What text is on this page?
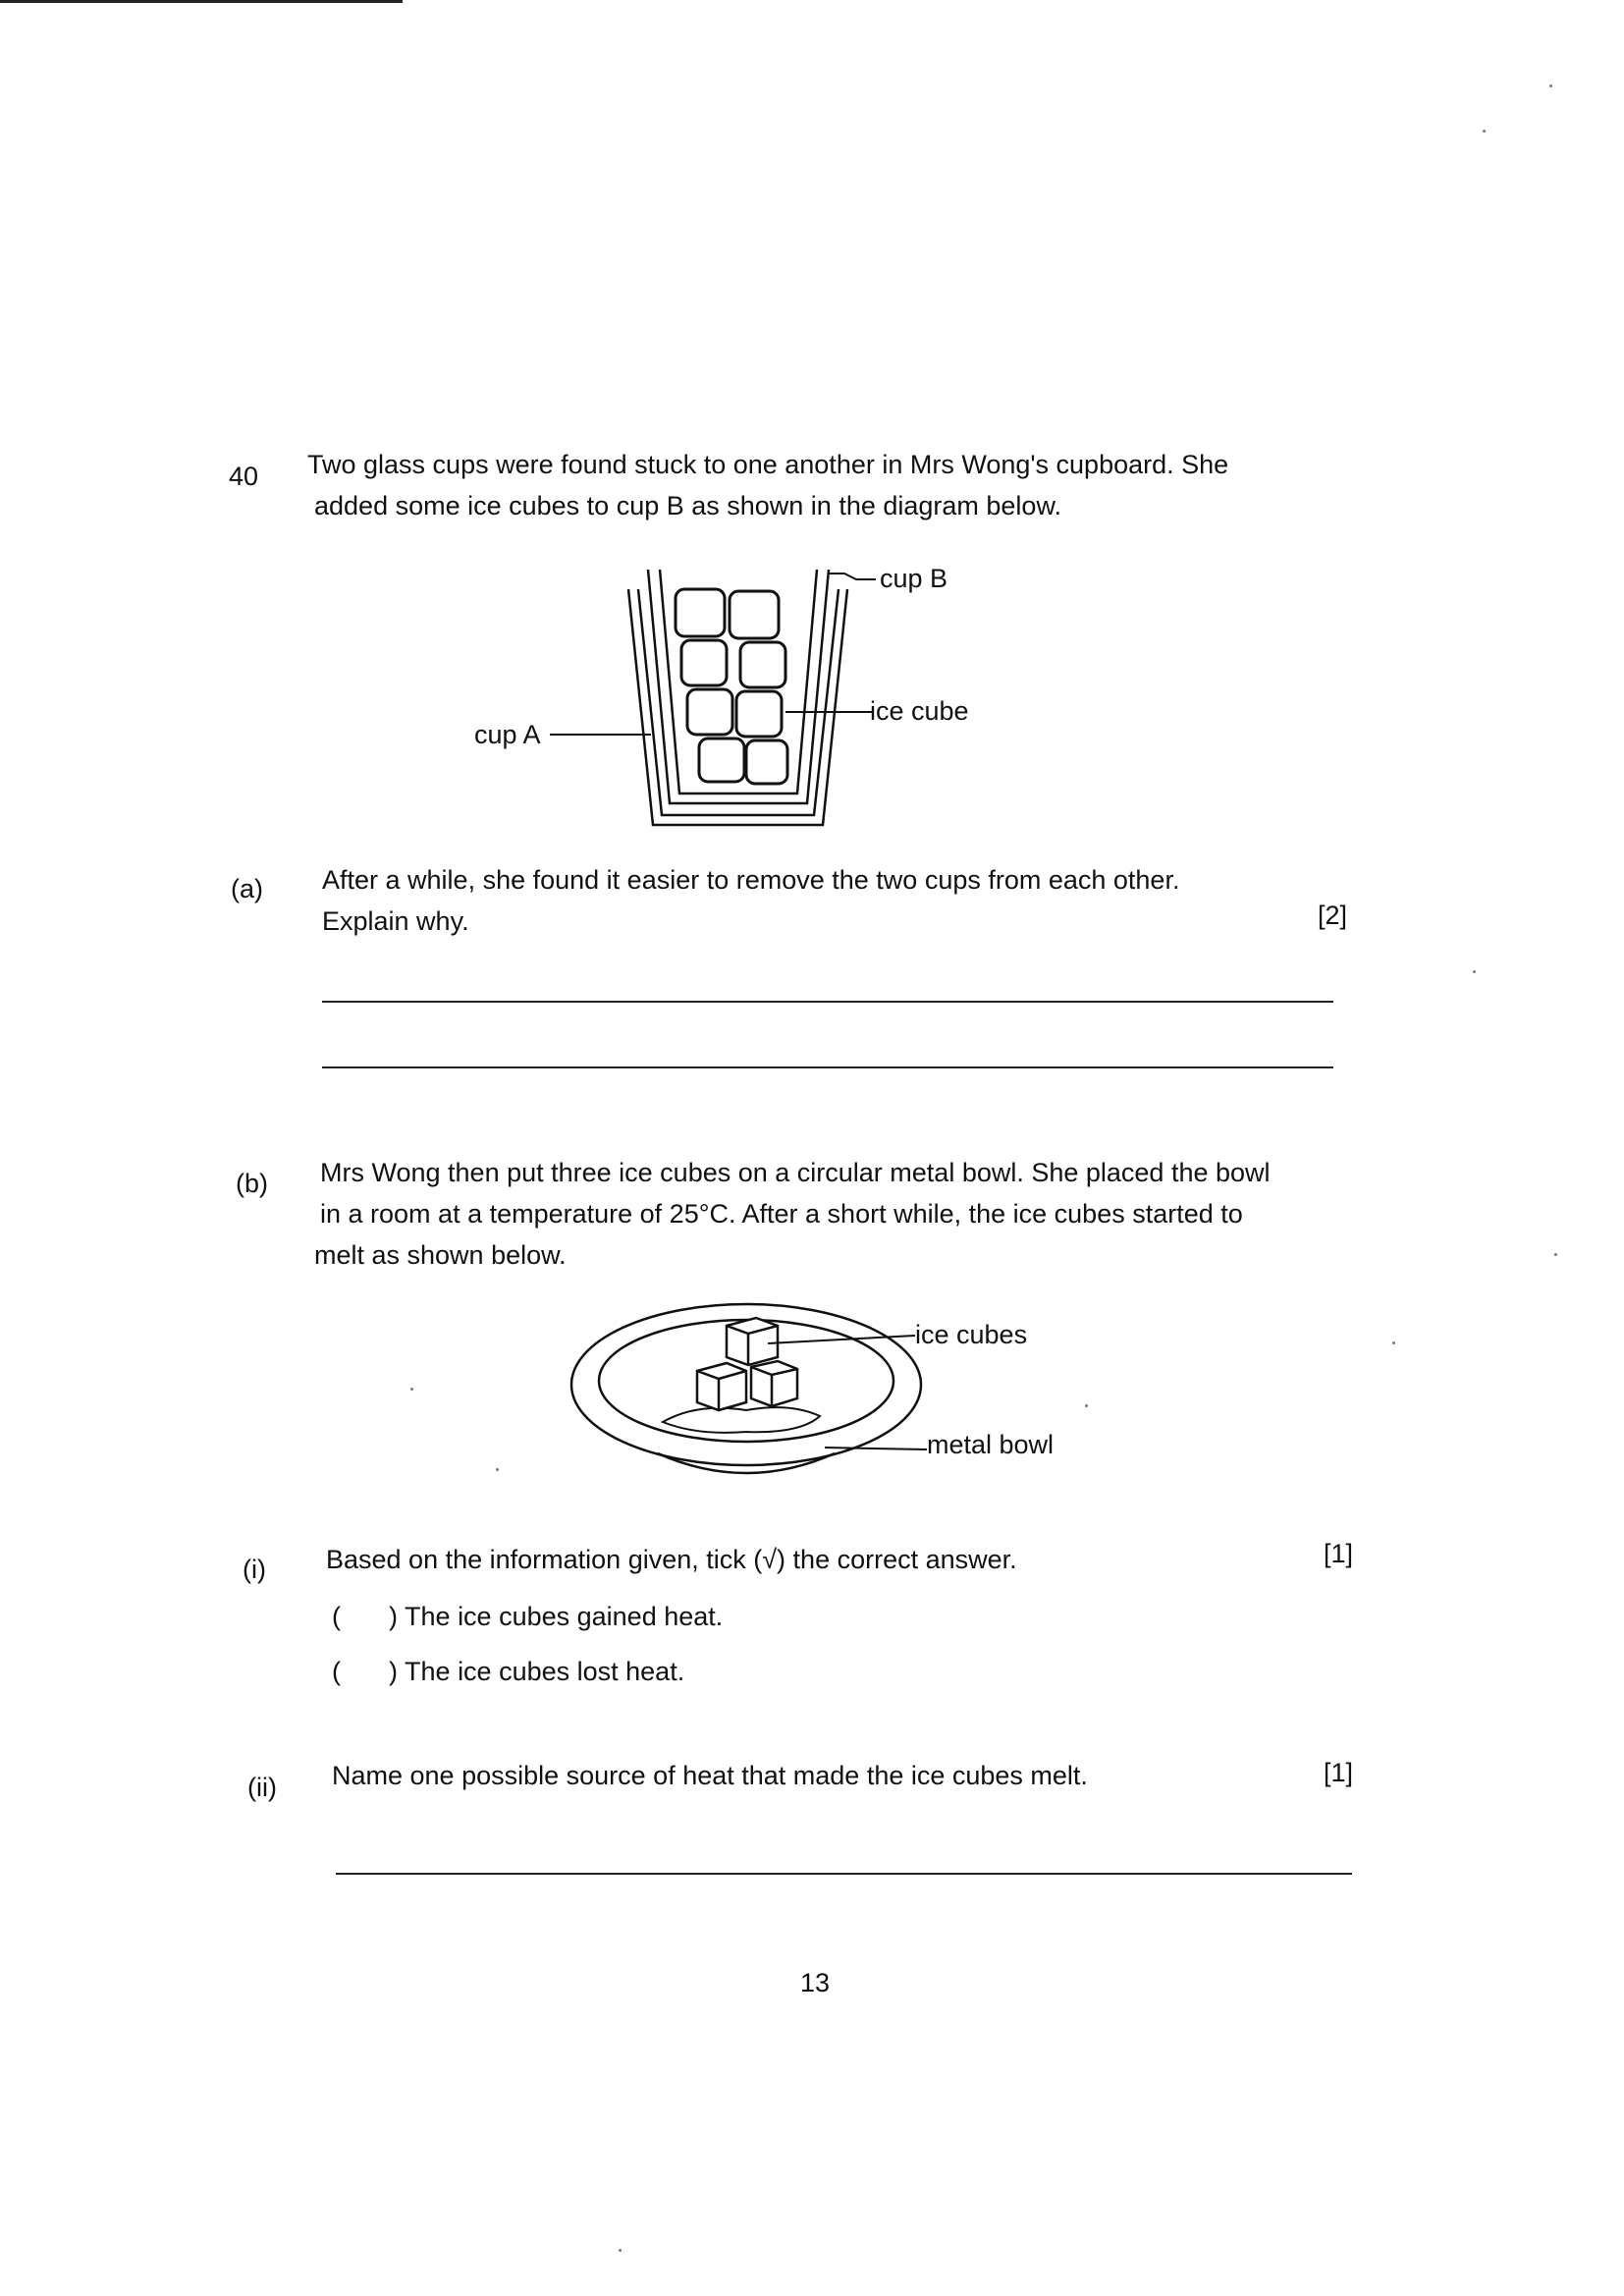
40 Two glass cups were found stuck to one another in Mrs Wong's cupboard. She
added some ice cubes to cup B as shown in the diagram below.
cup B
ice cube
cup A
(a) After a while, she found it easier to remove the two cups from each other.
Explain why.	[2]
(b) Mrs Wong then put three ice cubes on a circular metal bowl. She placed the bowl
in a room at a temperature of 25°C. After a short while, the ice cubes started to
melt as shown below.
ice cubes
metal bowl
(i) Based on the information given, tick (√) the correct answer.	[1]
( ) The ice cubes gained heat.
( ) The ice cubes lost heat.
(ii) Name one possible source of heat that made the ice cubes melt.	[1]
13
